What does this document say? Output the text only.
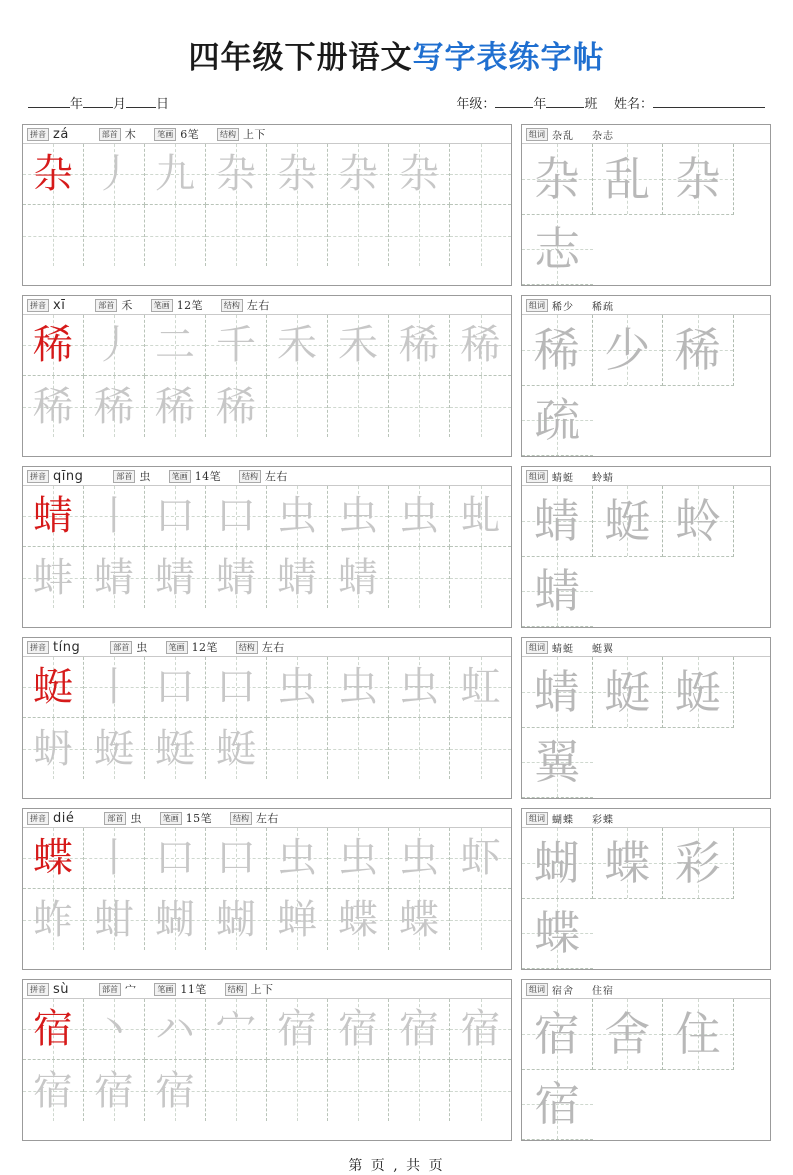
四年级下册语文写字表练字帖
年 月 日	年级：	年	班 姓名：
拼音 zá	部首 木	笔画 6笔	结构 上下
杂 丿 九 杂 杂 杂 杂
组词 杂乱 杂志
杂 乱 杂
志
拼音 xī	部首 禾	笔画 12笔	结构 左右
稀 丿 二 千 禾 禾 稀 稀
稀 稀 稀 稀
组词 稀少 稀疏
稀 少 稀
疏
拼音 qīng	部首 虫	笔画 14笔	结构 左右
蜻 丨 口 口 虫 虫 虫 虬
蚌 蜻 蜻 蜻 蜻 蜻
组词 蜻蜓 蛉蜻
蜻 蜓 蛉
蜻
拼音 tíng	部首 虫	笔画 12笔	结构 左右
蜓 丨 口 口 虫 虫 虫 虹
蚒 蜓 蜓 蜓
组词 蜻蜓 蜓翼
蜻 蜓 蜓
翼
拼音 dié	部首 虫	笔画 15笔	结构 左右
蝶 丨 口 口 虫 虫 虫 虾
蚱 蚶 蝴 蝴 蝉 蝶 蝶
组词 蝴蝶 彩蝶
蝴 蝶 彩
蝶
拼音 sù	部首 宀	笔画 11笔	结构 上下
宿 丶 ハ 宀 宿 宿 宿 宿
宿 宿 宿
组词 宿舍 住宿
宿 舍 住
宿
第 页 , 共 页
